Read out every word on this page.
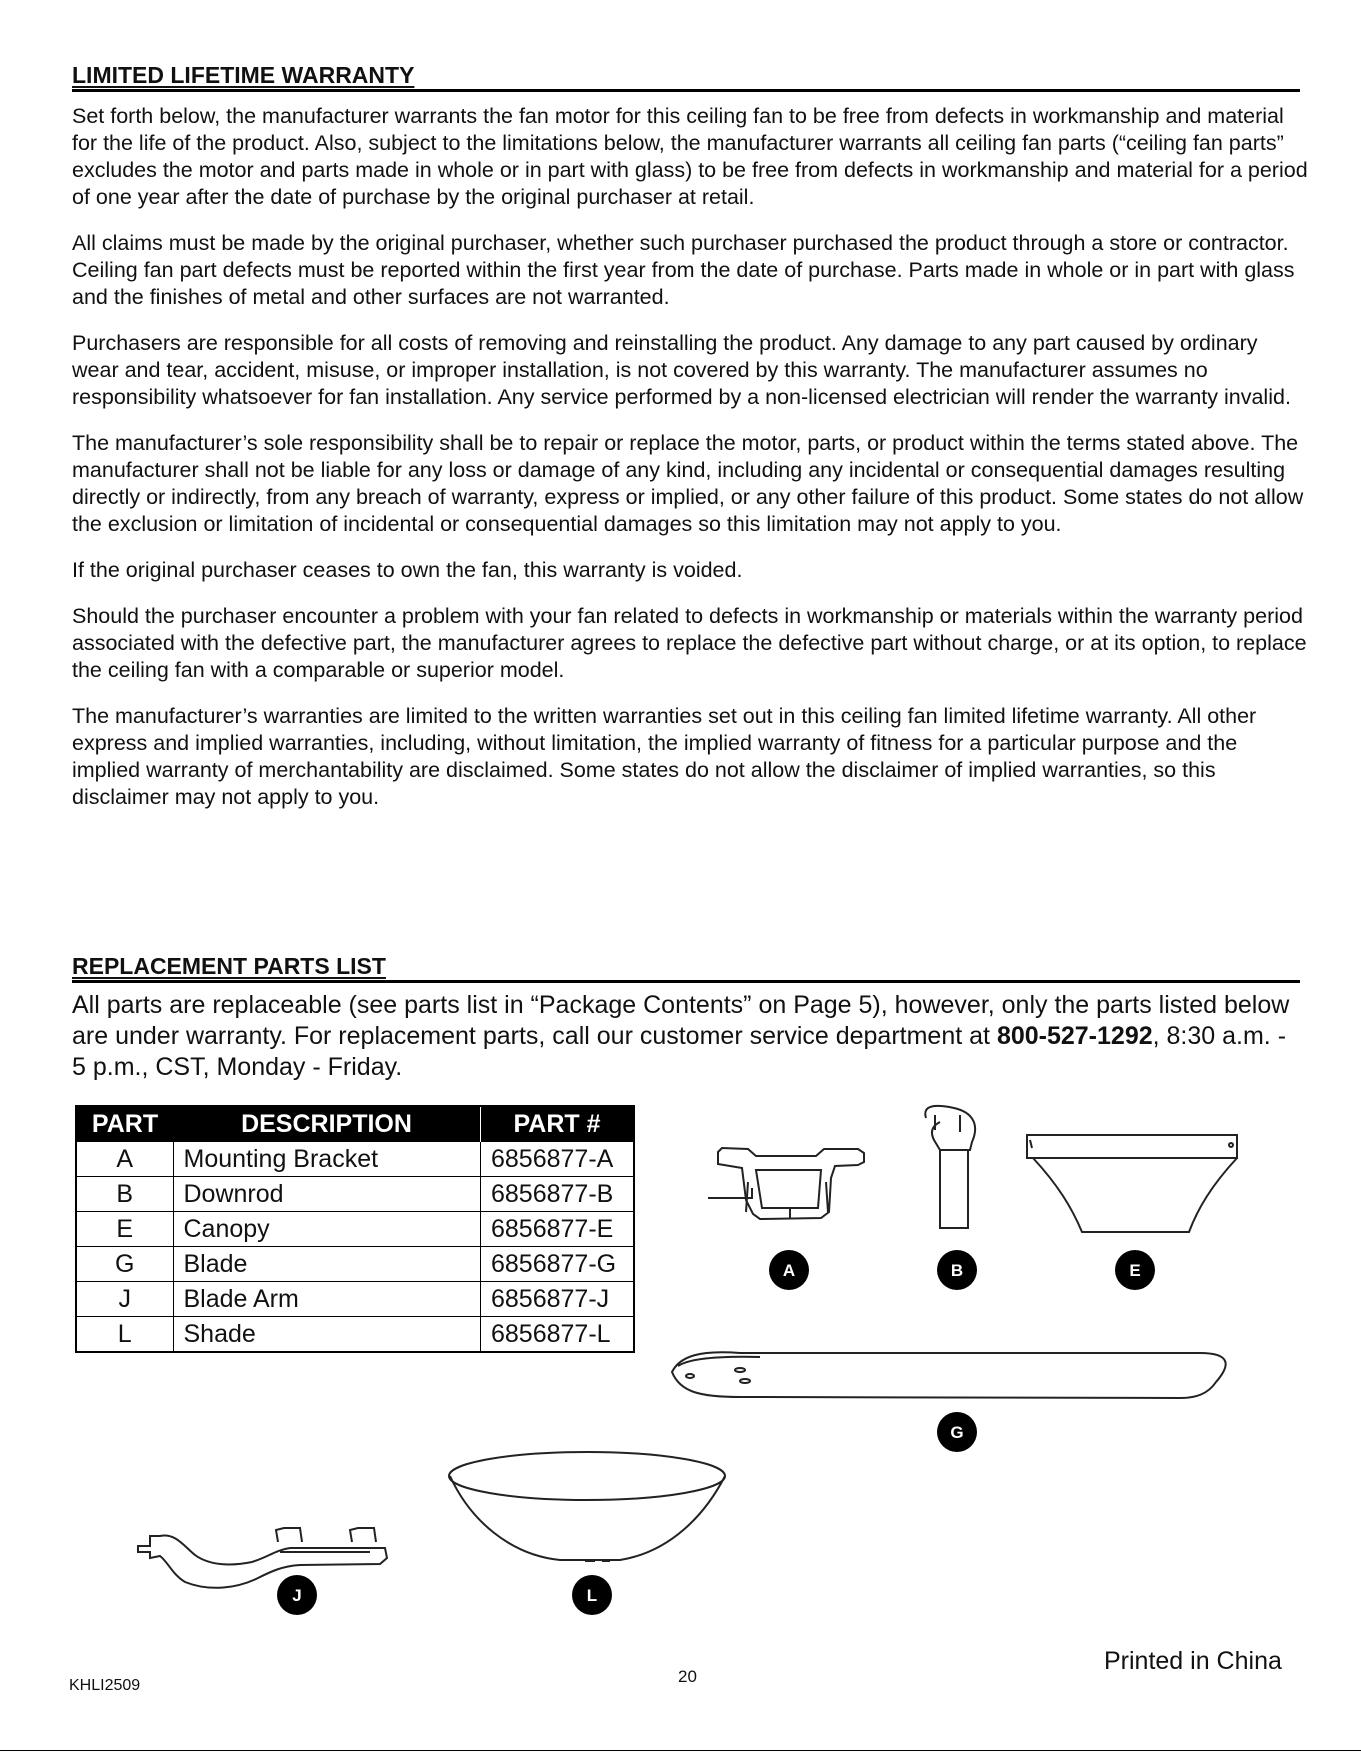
LIMITED LIFETIME WARRANTY

Set forth below, the manufacturer warrants the fan motor for this ceiling fan to be free from defects in workmanship and material for the life of the product. Also, subject to the limitations below, the manufacturer warrants all ceiling fan parts (“ceiling fan parts” excludes the motor and parts made in whole or in part with glass) to be free from defects in workmanship and material for a period of one year after the date of purchase by the original purchaser at retail.

All claims must be made by the original purchaser, whether such purchaser purchased the product through a store or contractor. Ceiling fan part defects must be reported within the first year from the date of purchase. Parts made in whole or in part with glass and the finishes of metal and other surfaces are not warranted.

Purchasers are responsible for all costs of removing and reinstalling the product. Any damage to any part caused by ordinary wear and tear, accident, misuse, or improper installation, is not covered by this warranty. The manufacturer assumes no responsibility whatsoever for fan installation. Any service performed by a non-licensed electrician will render the warranty invalid.

The manufacturer’s sole responsibility shall be to repair or replace the motor, parts, or product within the terms stated above. The manufacturer shall not be liable for any loss or damage of any kind, including any incidental or consequential damages resulting directly or indirectly, from any breach of warranty, express or implied, or any other failure of this product. Some states do not allow the exclusion or limitation of incidental or consequential damages so this limitation may not apply to you.

If the original purchaser ceases to own the fan, this warranty is voided.

Should the purchaser encounter a problem with your fan related to defects in workmanship or materials within the warranty period associated with the defective part, the manufacturer agrees to replace the defective part without charge, or at its option, to replace the ceiling fan with a comparable or superior model.

The manufacturer’s warranties are limited to the written warranties set out in this ceiling fan limited lifetime warranty. All other express and implied warranties, including, without limitation, the implied warranty of fitness for a particular purpose and the implied warranty of merchantability are disclaimed. Some states do not allow the disclaimer of implied warranties, so this disclaimer may not apply to you.

REPLACEMENT PARTS LIST

All parts are replaceable (see parts list in “Package Contents” on Page 5), however, only the parts listed below are under warranty. For replacement parts, call our customer service department at 800-527-1292, 8:30 a.m. - 5 p.m., CST, Monday - Friday.

PART	DESCRIPTION	PART #
A	Mounting Bracket	6856877-A
B	Downrod	6856877-B
E	Canopy	6856877-E
G	Blade	6856877-G
J	Blade Arm	6856877-J
L	Shade	6856877-L
A	B	E
G
J	L
KHLI2509	20
Printed in China
